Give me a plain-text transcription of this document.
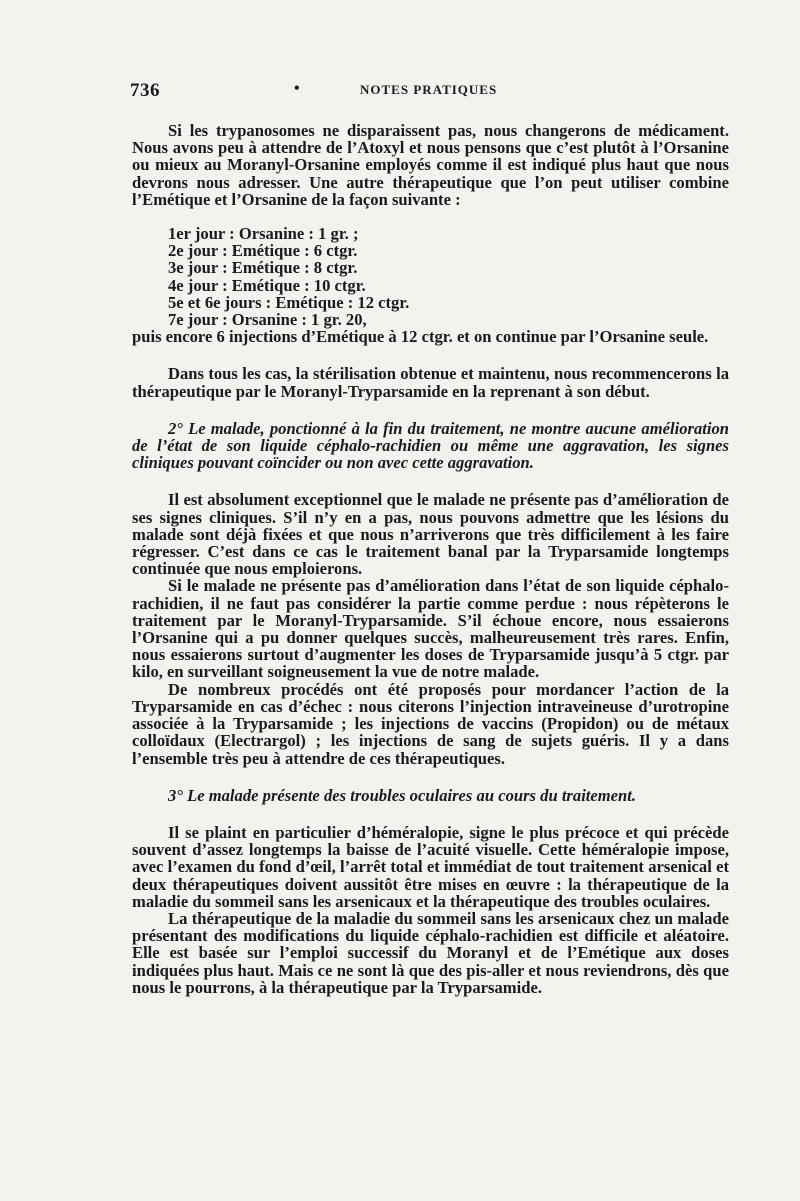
736	•	NOTES PRATIQUES

Si les trypanosomes ne disparaissent pas, nous changerons de médicament. Nous avons peu à attendre de l’Atoxyl et nous pensons que c’est plutôt à l’Orsanine ou mieux au Moranyl-Orsanine employés comme il est indiqué plus haut que nous devrons nous adresser. Une autre thérapeutique que l’on peut utiliser combine l’Emétique et l’Orsanine de la façon suivante :

1er jour : Orsanine : 1 gr. ;
2e jour : Emétique : 6 ctgr.
3e jour : Emétique : 8 ctgr.
4e jour : Emétique : 10 ctgr.
5e et 6e jours : Emétique : 12 ctgr.
7e jour : Orsanine : 1 gr. 20,

puis encore 6 injections d’Emétique à 12 ctgr. et on continue par l’Orsanine seule.

Dans tous les cas, la stérilisation obtenue et maintenu, nous recommencerons la thérapeutique par le Moranyl-Tryparsamide en la reprenant à son début.

2° Le malade, ponctionné à la fin du traitement, ne montre aucune amélioration de l’état de son liquide céphalo-rachidien ou même une aggravation, les signes cliniques pouvant coïncider ou non avec cette aggravation.

Il est absolument exceptionnel que le malade ne présente pas d’amélioration de ses signes cliniques. S’il n’y en a pas, nous pouvons admettre que les lésions du malade sont déjà fixées et que nous n’arriverons que très difficilement à les faire régresser. C’est dans ce cas le traitement banal par la Tryparsamide longtemps continuée que nous emploierons.

Si le malade ne présente pas d’amélioration dans l’état de son liquide céphalo-rachidien, il ne faut pas considérer la partie comme perdue : nous répèterons le traitement par le Moranyl-Tryparsamide. S’il échoue encore, nous essaierons l’Orsanine qui a pu donner quelques succès, malheureusement très rares. Enfin, nous essaierons surtout d’augmenter les doses de Tryparsamide jusqu’à 5 ctgr. par kilo, en surveillant soigneusement la vue de notre malade.

De nombreux procédés ont été proposés pour mordancer l’action de la Tryparsamide en cas d’échec : nous citerons l’injection intraveineuse d’urotropine associée à la Tryparsamide ; les injections de vaccins (Propidon) ou de métaux colloïdaux (Electrargol) ; les injections de sang de sujets guéris. Il y a dans l’ensemble très peu à attendre de ces thérapeutiques.

3° Le malade présente des troubles oculaires au cours du traitement.

Il se plaint en particulier d’héméralopie, signe le plus précoce et qui précède souvent d’assez longtemps la baisse de l’acuité visuelle. Cette héméralopie impose, avec l’examen du fond d’œil, l’arrêt total et immédiat de tout traitement arsenical et deux thérapeutiques doivent aussitôt être mises en œuvre : la thérapeutique de la maladie du sommeil sans les arsenicaux et la thérapeutique des troubles oculaires.

La thérapeutique de la maladie du sommeil sans les arsenicaux chez un malade présentant des modifications du liquide céphalo-rachidien est difficile et aléatoire. Elle est basée sur l’emploi successif du Moranyl et de l’Emétique aux doses indiquées plus haut. Mais ce ne sont là que des pis-aller et nous reviendrons, dès que nous le pourrons, à la thérapeutique par la Tryparsamide.
